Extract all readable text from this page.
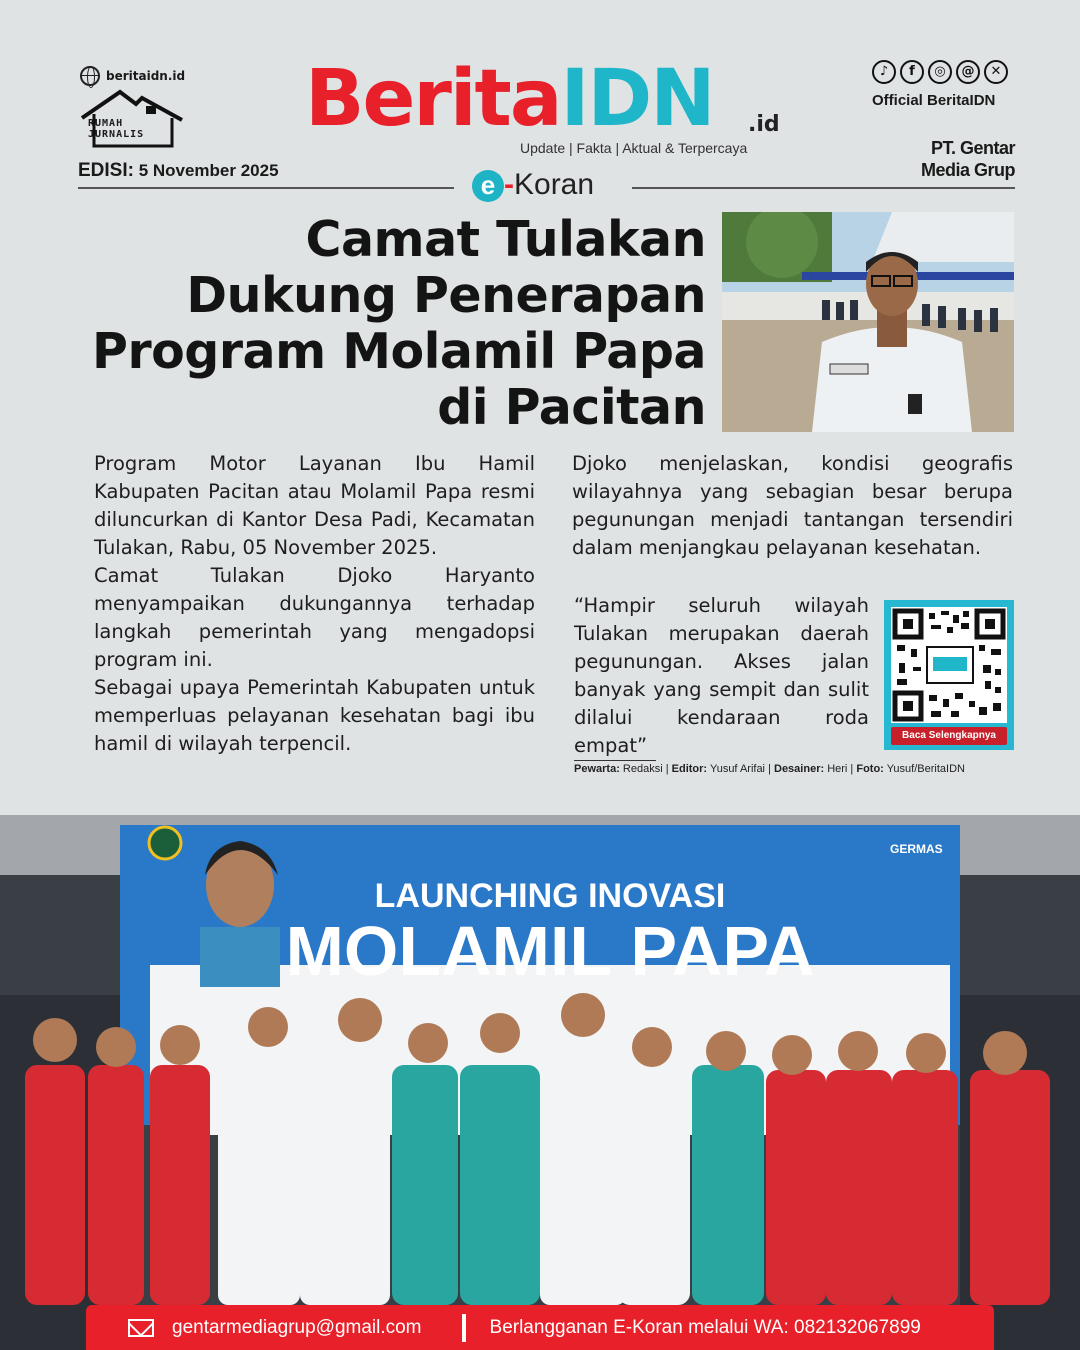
beritaidn.id
RUMAH
JURNALIS
EDISI: 5 November 2025
BeritaIDN .id
Update | Fakta | Aktual & Terpercaya
e -Koran
♪	f	◎	@	✕
Official BeritaIDN
PT. Gentar
Media Grup
Camat Tulakan
Dukung Penerapan
Program Molamil Papa
di Pacitan

Program Motor Layanan Ibu Hamil Kabupaten Pacitan atau Molamil Papa resmi diluncurkan di Kantor Desa Padi, Kecamatan Tulakan, Rabu, 05 November 2025.

Camat Tulakan Djoko Haryanto menyampaikan dukungannya terhadap langkah pemerintah yang mengadopsi program ini.

Sebagai upaya Pemerintah Kabupaten untuk memperluas pelayanan kesehatan bagi ibu hamil di wilayah terpencil.

Djoko menjelaskan, kondisi geografis wilayahnya yang sebagian besar berupa pegunungan menjadi tantangan tersendiri dalam menjangkau pelayanan kesehatan.

“Hampir seluruh wilayah Tulakan merupakan daerah pegunungan. Akses jalan banyak yang sempit dan sulit dilalui kendaraan roda empat”	Baca Selengkapnya
Pewarta: Redaksi | Editor: Yusuf Arifai | Desainer: Heri | Foto: Yusuf/BeritaIDN
LAUNCHING INOVASI
MOLAMIL PAPA
GERMAS
gentarmediagrup@gmail.com	Berlangganan E-Koran melalui WA: 082132067899
